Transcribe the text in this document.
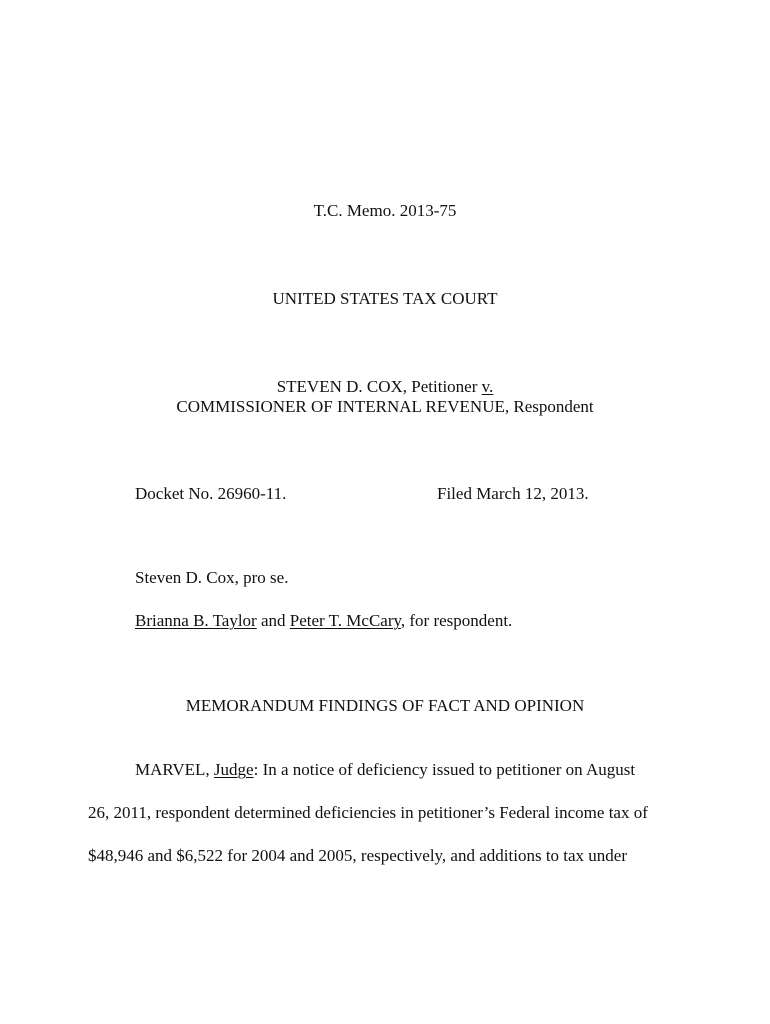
T.C. Memo. 2013-75
UNITED STATES TAX COURT
STEVEN D. COX, Petitioner v.
COMMISSIONER OF INTERNAL REVENUE, Respondent
Docket No. 26960-11.	Filed March 12, 2013.
Steven D. Cox, pro se.
Brianna B. Taylor and Peter T. McCary, for respondent.
MEMORANDUM FINDINGS OF FACT AND OPINION
MARVEL, Judge: In a notice of deficiency issued to petitioner on August
26, 2011, respondent determined deficiencies in petitioner’s Federal income tax of
$48,946 and $6,522 for 2004 and 2005, respectively, and additions to tax under
